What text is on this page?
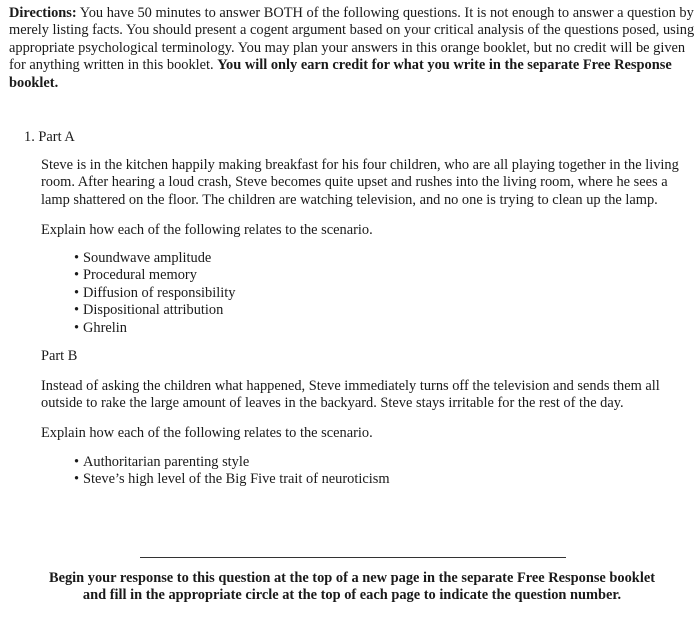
Directions: You have 50 minutes to answer BOTH of the following questions. It is not enough to answer a question by merely listing facts. You should present a cogent argument based on your critical analysis of the questions posed, using appropriate psychological terminology. You may plan your answers in this orange booklet, but no credit will be given for anything written in this booklet. You will only earn credit for what you write in the separate Free Response booklet.

1. Part A

Steve is in the kitchen happily making breakfast for his four children, who are all playing together in the living room. After hearing a loud crash, Steve becomes quite upset and rushes into the living room, where he sees a lamp shattered on the floor. The children are watching television, and no one is trying to clean up the lamp.

Explain how each of the following relates to the scenario.

• Soundwave amplitude
• Procedural memory
• Diffusion of responsibility
• Dispositional attribution
• Ghrelin

Part B

Instead of asking the children what happened, Steve immediately turns off the television and sends them all outside to rake the large amount of leaves in the backyard. Steve stays irritable for the rest of the day.

Explain how each of the following relates to the scenario.

• Authoritarian parenting style
• Steve’s high level of the Big Five trait of neuroticism

Begin your response to this question at the top of a new page in the separate Free Response booklet
and fill in the appropriate circle at the top of each page to indicate the question number.
